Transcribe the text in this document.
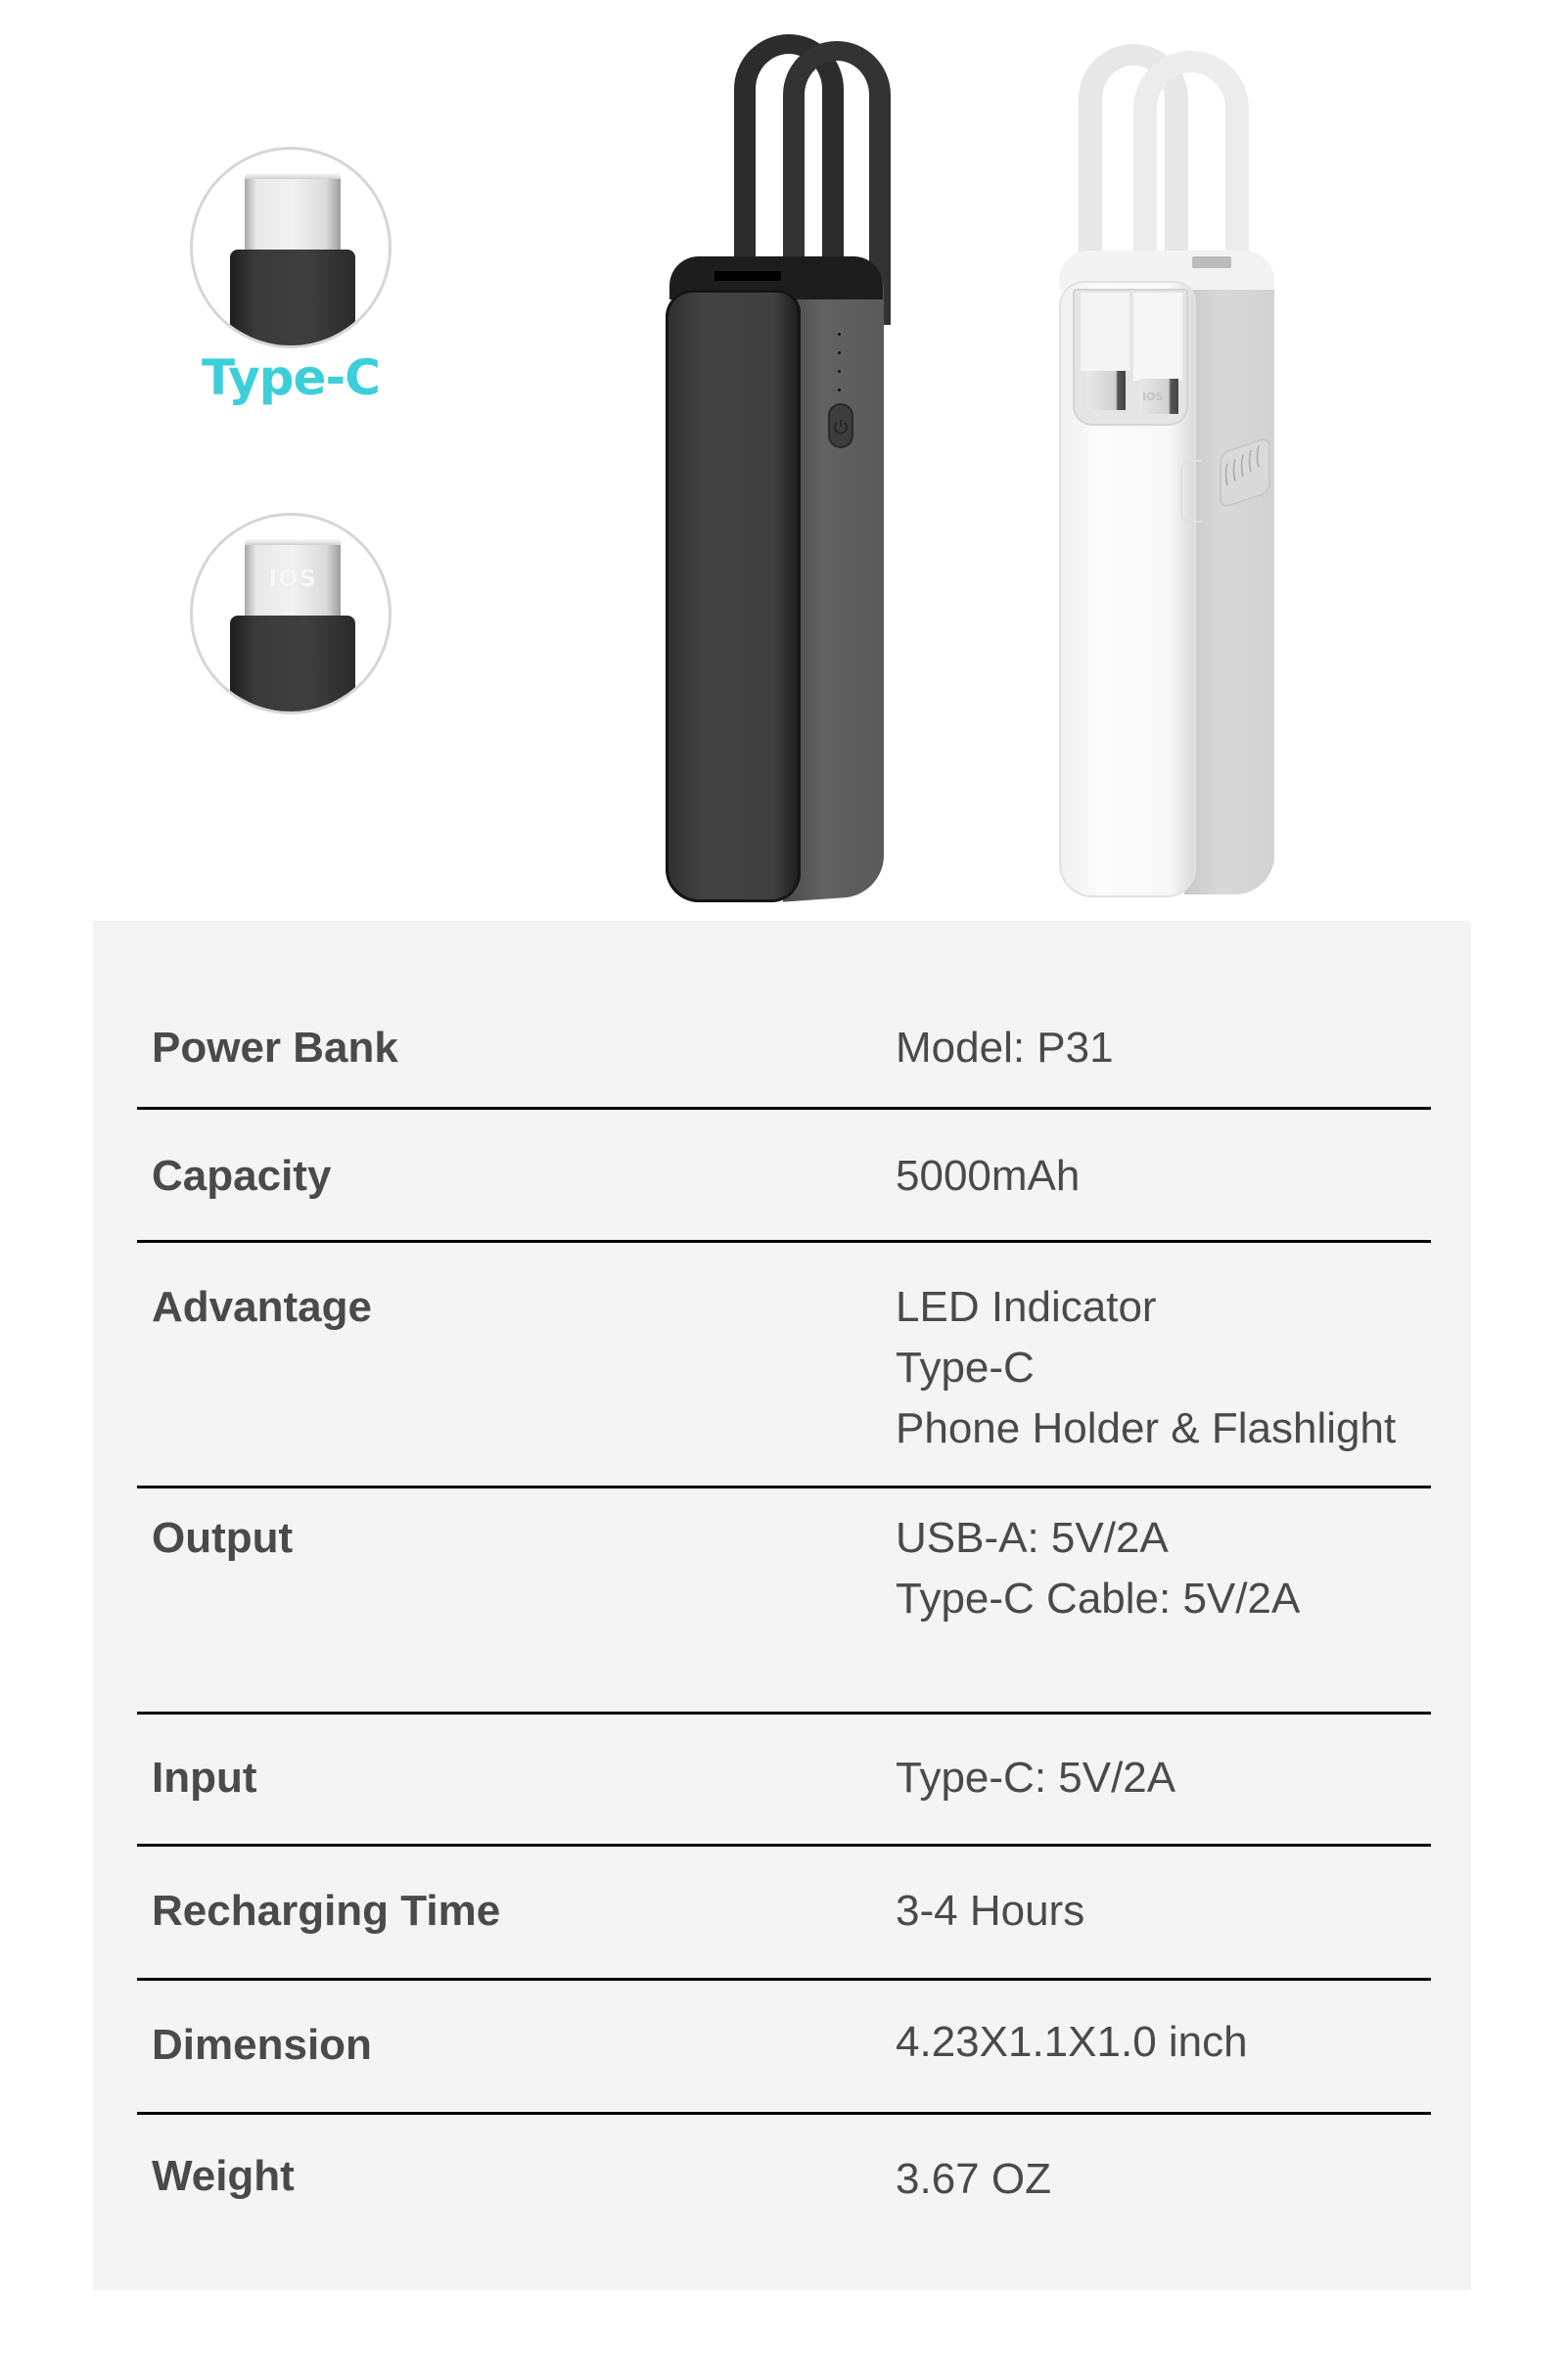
Type-C
IOS
IOS
Power Bank	Model: P31
Capacity	5000mAh
Advantage	LED Indicator
Type-C
Phone Holder & Flashlight
Output	USB-A: 5V/2A
Type-C Cable: 5V/2A
Input	Type-C: 5V/2A
Recharging Time	3-4 Hours
Dimension	4.23X1.1X1.0 inch
Weight	3.67 OZ
